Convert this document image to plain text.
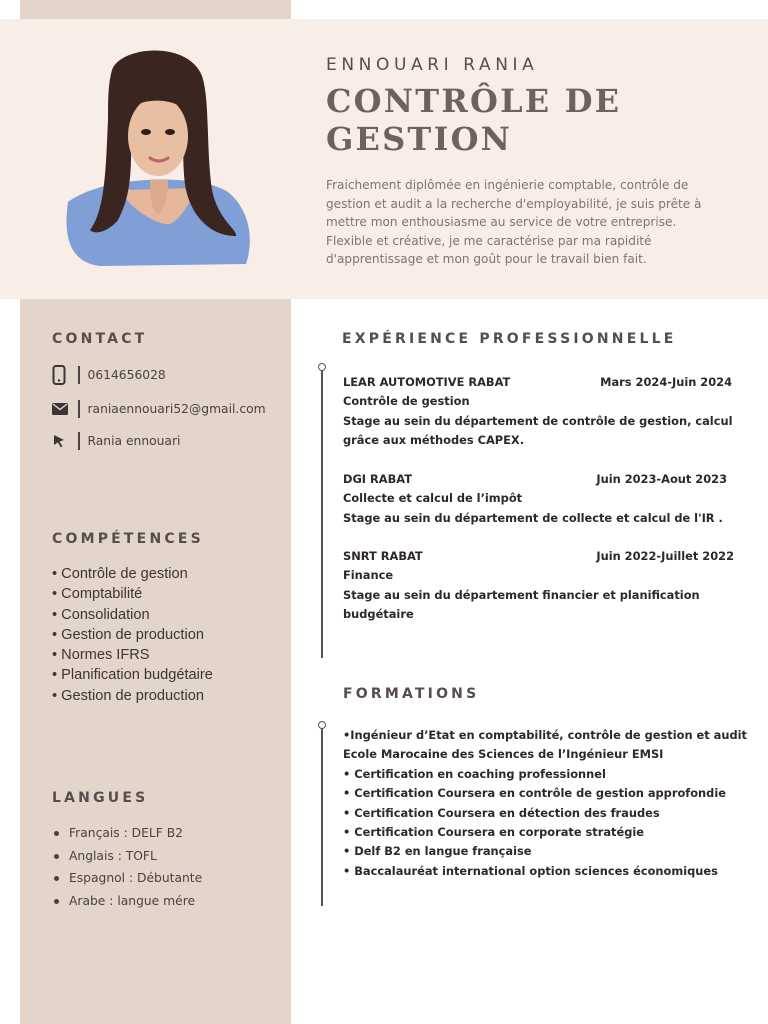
ENNOUARI RANIA
CONTRÔLE DE GESTION
Fraichement diplômée en ingénierie comptable, contrôle de gestion et audit a la recherche d'employabilité, je suis prête à mettre mon enthousiasme au service de votre entreprise. Flexible et créative, je me caractérise par ma rapidité d'apprentissage et mon goût pour le travail bien fait.
CONTACT
0614656028
raniaennouari52@gmail.com
Rania ennouari
COMPÉTENCES
• Contrôle de gestion
• Comptabilité
• Consolidation
• Gestion de production
• Normes IFRS
• Planification budgétaire
• Gestion de production
LANGUES
Français : DELF B2
Anglais : TOFL
Espagnol : Débutante
Arabe : langue mére
EXPÉRIENCE PROFESSIONNELLE
LEAR AUTOMOTIVE RABAT	Mars 2024-Juin 2024
Contrôle de gestion
Stage au sein du département de contrôle de gestion, calcul grâce aux méthodes CAPEX.
DGI RABAT	Juin 2023-Aout 2023
Collecte et calcul de l’impôt
Stage au sein du département de collecte et calcul de l'IR .
SNRT RABAT	Juin 2022-Juillet 2022
Finance
Stage au sein du département financier et planification budgétaire
FORMATIONS
•Ingénieur d’Etat en comptabilité, contrôle de gestion et audit
Ecole Marocaine des Sciences de l’Ingénieur EMSI
• Certification en coaching professionnel
• Certification Coursera en contrôle de gestion approfondie
• Certification Coursera en détection des fraudes
• Certification Coursera en corporate stratégie
• Delf B2 en langue française
• Baccalauréat international option sciences économiques
